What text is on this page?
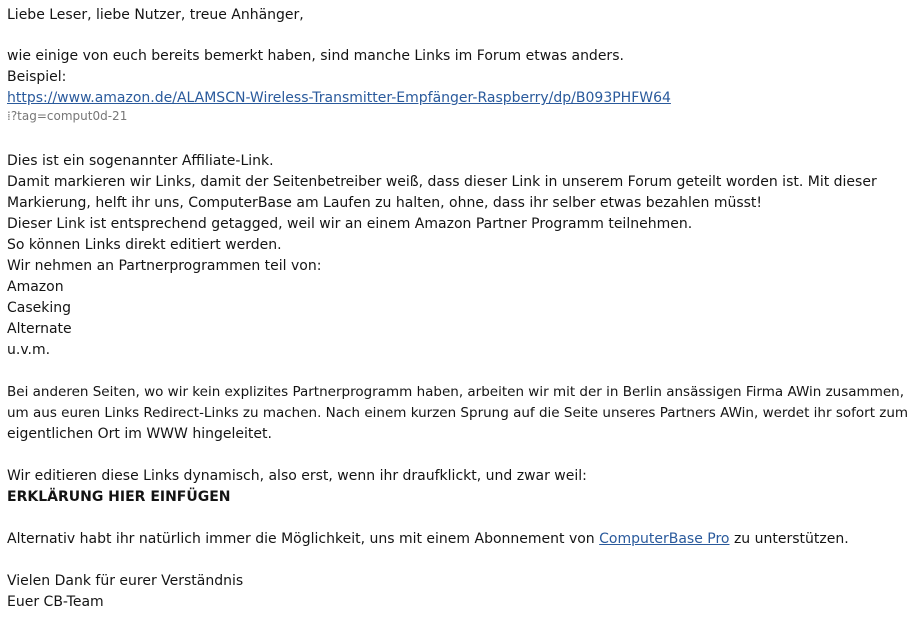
Liebe Leser, liebe Nutzer, treue Anhänger,
wie einige von euch bereits bemerkt haben, sind manche Links im Forum etwas anders.
Beispiel:
https://www.amazon.de/ALAMSCN-Wireless-Transmitter-Empfänger-Raspberry/dp/B093PHFW64
⁞?tag=comput0d-21
Dies ist ein sogenannter Affiliate-Link.
Damit markieren wir Links, damit der Seitenbetreiber weiß, dass dieser Link in unserem Forum geteilt worden ist. Mit dieser
Markierung, helft ihr uns, ComputerBase am Laufen zu halten, ohne, dass ihr selber etwas bezahlen müsst!
Dieser Link ist entsprechend getagged, weil wir an einem Amazon Partner Programm teilnehmen.
So können Links direkt editiert werden.
Wir nehmen an Partnerprogrammen teil von:
Amazon
Caseking
Alternate
u.v.m.
Bei anderen Seiten, wo wir kein explizites Partnerprogramm haben, arbeiten wir mit der in Berlin ansässigen Firma AWin zusammen,
um aus euren Links Redirect-Links zu machen. Nach einem kurzen Sprung auf die Seite unseres Partners AWin, werdet ihr sofort zum
eigentlichen Ort im WWW hingeleitet.
Wir editieren diese Links dynamisch, also erst, wenn ihr draufklickt, und zwar weil:
ERKLÄRUNG HIER EINFÜGEN
Alternativ habt ihr natürlich immer die Möglichkeit, uns mit einem Abonnement von ComputerBase Pro zu unterstützen.
Vielen Dank für eurer Verständnis
Euer CB-Team
